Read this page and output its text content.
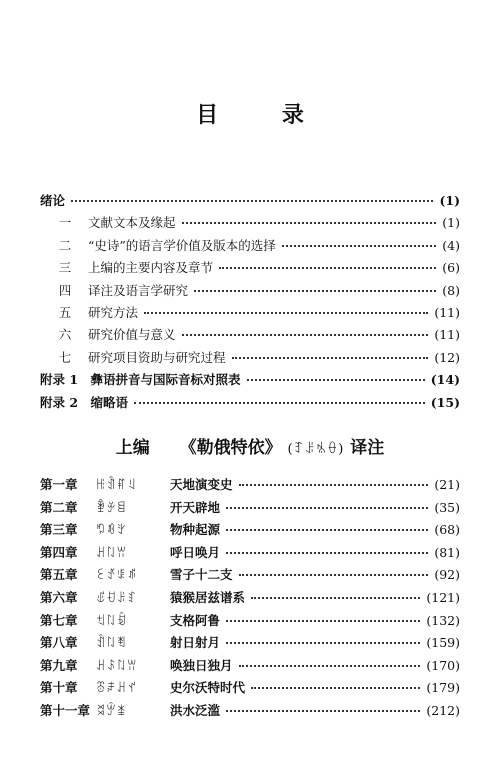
目 录
绪论	(1)
一	文献文本及缘起	(1)
二	“史诗”的语言学价值及版本的选择	(4)
三	上编的主要内容及章节	(6)
四	译注及语言学研究	(8)
五	研究方法	(11)
六	研究价值与意义	(11)
七	研究项目资助与研究过程	(12)
附录 1　彝语拼音与国际音标对照表	(14)
附录 2　缩略语	(15)
上编 《勒俄特依》 (ꆈꌠꁱꂷ) 译注
第一章	ꆿꀉꐥꆹ	天地演变史	(21)
第二章	ꄾꏯꁌ	开天辟地	(35)
第三章	ꑳꀑꇬ	物种起源	(68)
第四章	ꃅꇁꀕ	呼日唤月	(81)
第五章	ꏂꀋꌐꁮ	雪子十二支	(92)
第六章	ꍑꀀꌠꆏ	猿猴居兹谱系	(121)
第七章	ꉬꇁꀁ	支格阿鲁	(132)
第八章	ꀉꇁꄮ	射日射月	(159)
第九章	ꃅꌺꇁꀕ	唤独日独月	(170)
第十章	ꁨꌧꃅꀈ	史尔沃特时代	(179)
第十一章 ꈬꏭꁧ	洪水泛滥	(212)
